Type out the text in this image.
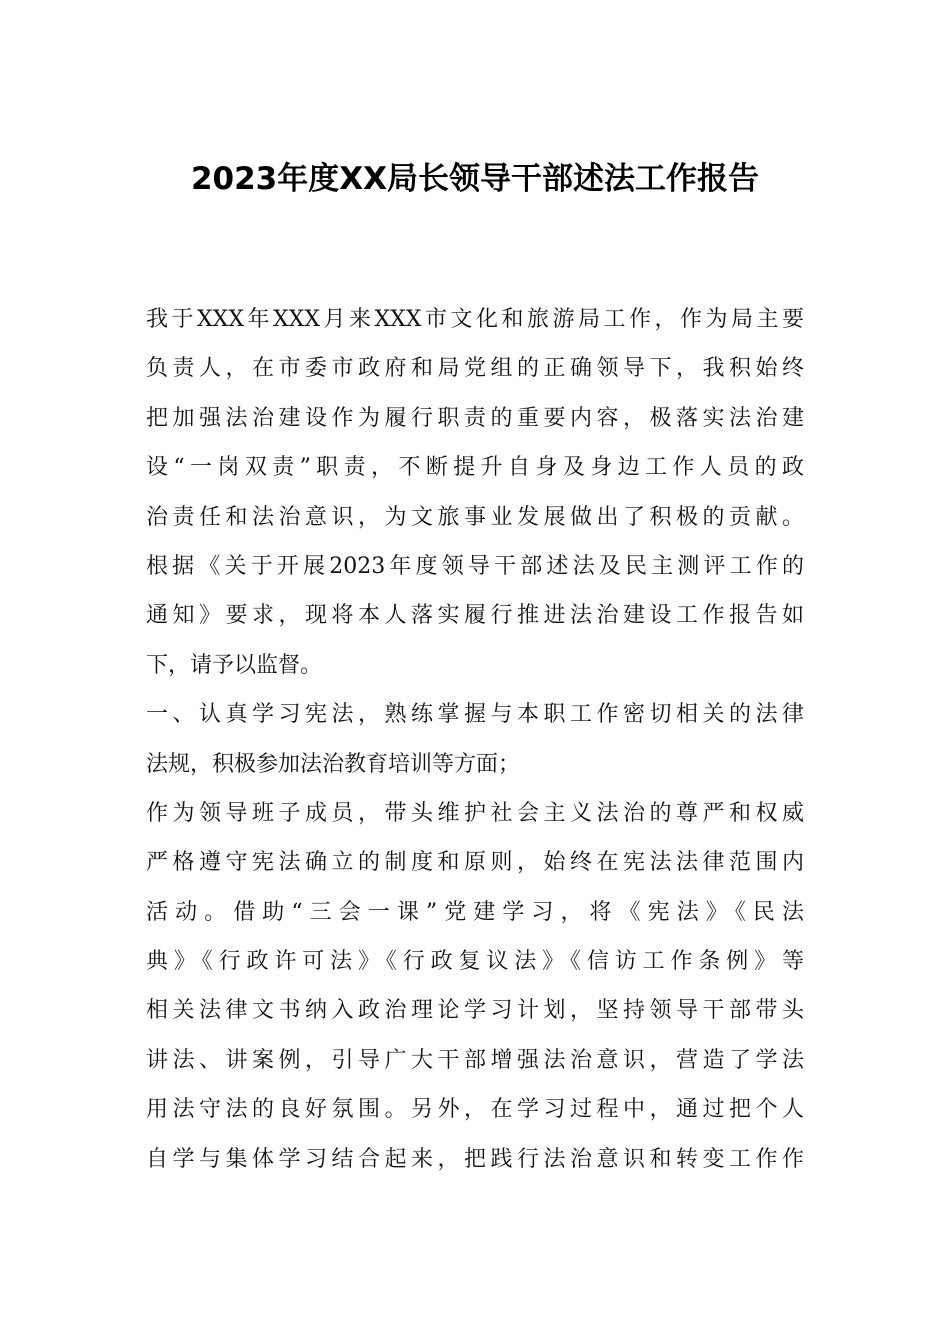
2023年度XX局长领导干部述法工作报告
我于XXX年XXX月来XXX市文化和旅游局工作，作为局主要
负责人，在市委市政府和局党组的正确领导下，我积始终
把加强法治建设作为履行职责的重要内容，极落实法治建
设“一岗双责”职责，不断提升自身及身边工作人员的政
治责任和法治意识，为文旅事业发展做出了积极的贡献。
根据《关于开展2023年度领导干部述法及民主测评工作的
通知》要求，现将本人落实履行推进法治建设工作报告如
下，请予以监督。
一、认真学习宪法，熟练掌握与本职工作密切相关的法律
法规，积极参加法治教育培训等方面；
作为领导班子成员，带头维护社会主义法治的尊严和权威
严格遵守宪法确立的制度和原则，始终在宪法法律范围内
活动。借助“三会一课”党建学习，将《宪法》《民法
典》《行政许可法》《行政复议法》《信访工作条例》等
相关法律文书纳入政治理论学习计划，坚持领导干部带头
讲法、讲案例，引导广大干部增强法治意识，营造了学法
用法守法的良好氛围。另外，在学习过程中，通过把个人
自学与集体学习结合起来，把践行法治意识和转变工作作
